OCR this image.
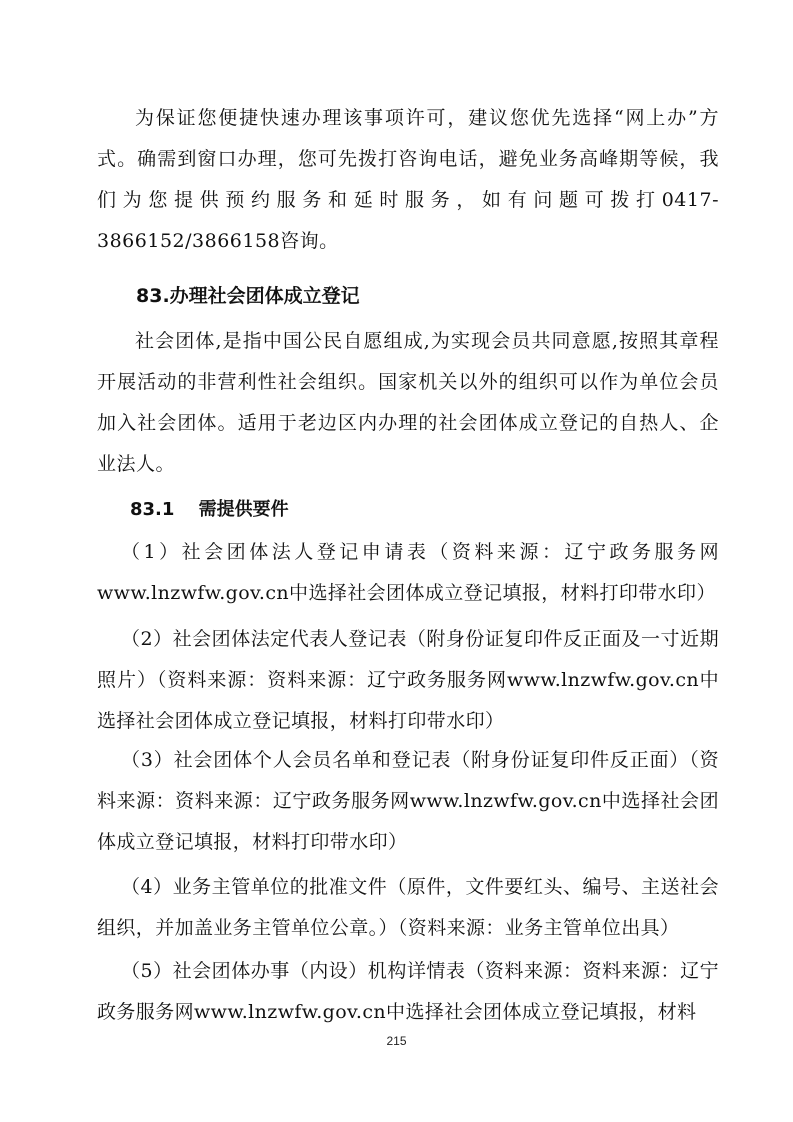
为保证您便捷快速办理该事项许可，建议您优先选择“网上办”方式。确需到窗口办理，您可先拨打咨询电话，避免业务高峰期等候，我们为您提供预约服务和延时服务，如有问题可拨打0417-3866152/3866158咨询。

83.办理社会团体成立登记

社会团体,是指中国公民自愿组成,为实现会员共同意愿,按照其章程开展活动的非营利性社会组织。国家机关以外的组织可以作为单位会员加入社会团体。适用于老边区内办理的社会团体成立登记的自热人、企业法人。

83.1 需提供要件

（1）社会团体法人登记申请表（资料来源：辽宁政务服务网www.lnzwfw.gov.cn中选择社会团体成立登记填报，材料打印带水印）

（2）社会团体法定代表人登记表（附身份证复印件反正面及一寸近期照片）（资料来源：资料来源：辽宁政务服务网www.lnzwfw.gov.cn中选择社会团体成立登记填报，材料打印带水印）

（3）社会团体个人会员名单和登记表（附身份证复印件反正面）（资料来源：资料来源：辽宁政务服务网www.lnzwfw.gov.cn中选择社会团体成立登记填报，材料打印带水印）

（4）业务主管单位的批准文件（原件，文件要红头、编号、主送社会组织，并加盖业务主管单位公章。）（资料来源：业务主管单位出具）

（5）社会团体办事（内设）机构详情表（资料来源：资料来源：辽宁政务服务网www.lnzwfw.gov.cn中选择社会团体成立登记填报，材料

215
